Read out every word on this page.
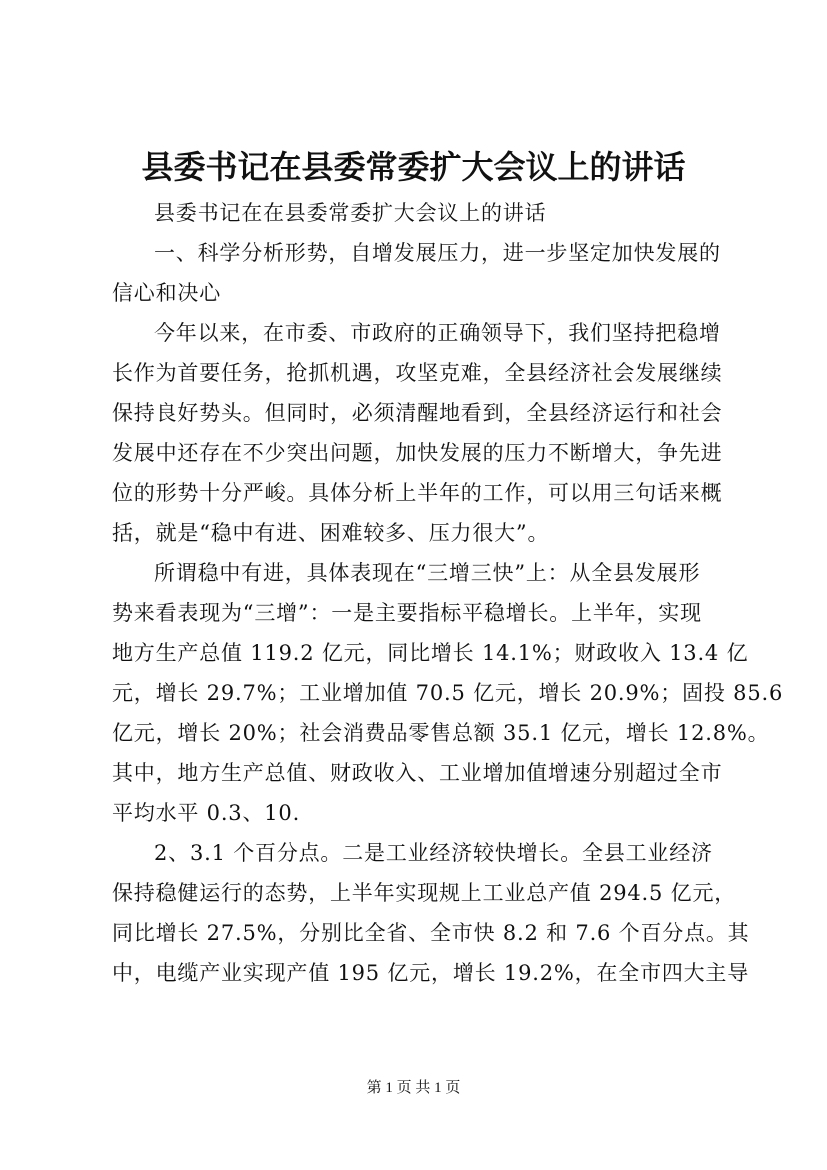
县委书记在县委常委扩大会议上的讲话
县委书记在在县委常委扩大会议上的讲话
一、科学分析形势，自增发展压力，进一步坚定加快发展的
信心和决心
今年以来，在市委、市政府的正确领导下，我们坚持把稳增
长作为首要任务，抢抓机遇，攻坚克难，全县经济社会发展继续
保持良好势头。但同时，必须清醒地看到，全县经济运行和社会
发展中还存在不少突出问题，加快发展的压力不断增大，争先进
位的形势十分严峻。具体分析上半年的工作，可以用三句话来概
括，就是“稳中有进、困难较多、压力很大”。
所谓稳中有进，具体表现在“三增三快”上：从全县发展形
势来看表现为“三增”：一是主要指标平稳增长。上半年，实现
地方生产总值 119.2 亿元，同比增长 14.1%；财政收入 13.4 亿
元，增长 29.7%；工业增加值 70.5 亿元，增长 20.9%；固投 85.6
亿元，增长 20%；社会消费品零售总额 35.1 亿元，增长 12.8%。
其中，地方生产总值、财政收入、工业增加值增速分别超过全市
平均水平 0.3、10.
2、3.1 个百分点。二是工业经济较快增长。全县工业经济
保持稳健运行的态势，上半年实现规上工业总产值 294.5 亿元，
同比增长 27.5%，分别比全省、全市快 8.2 和 7.6 个百分点。其
中，电缆产业实现产值 195 亿元，增长 19.2%，在全市四大主导
第 1 页 共 1 页
